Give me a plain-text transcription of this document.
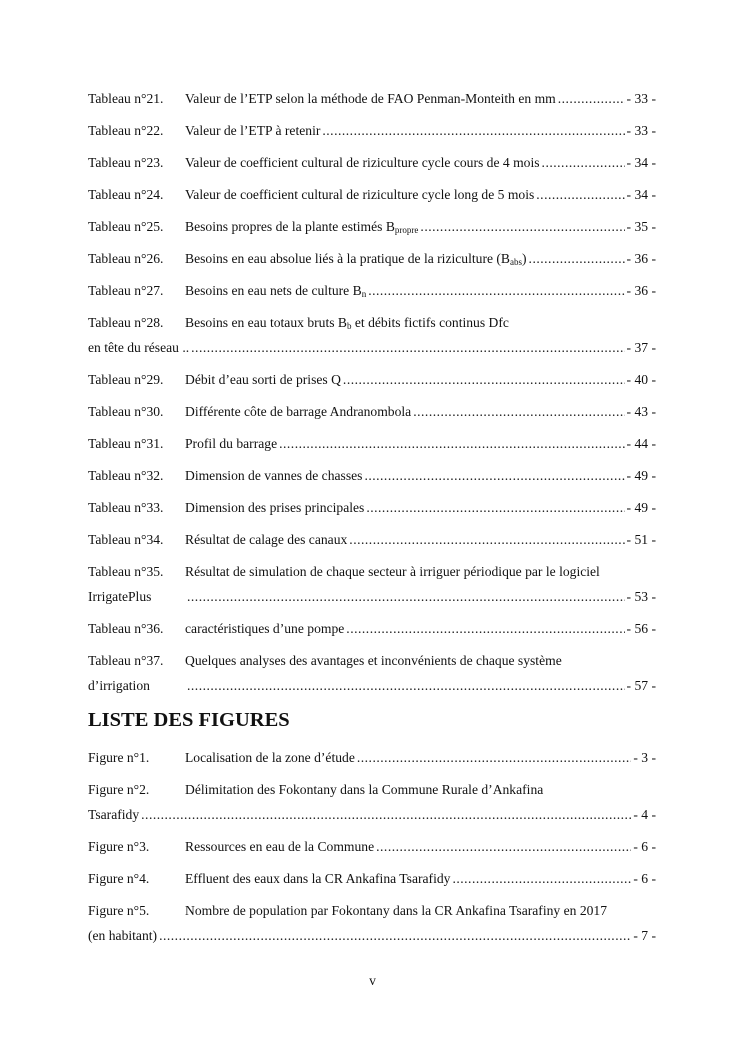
Tableau n°21.	Valeur de l’ETP selon la méthode de FAO Penman-Monteith en mm .....	- 33 -
Tableau n°22.	Valeur de l’ETP à retenir .....	- 33 -
Tableau n°23.	Valeur de coefficient cultural de riziculture cycle cours de 4 mois .....	- 34 -
Tableau n°24.	Valeur de coefficient cultural de riziculture cycle long de 5 mois .....	- 34 -
Tableau n°25.	Besoins propres de la plante estimés $B_{propre}$ .....	- 35 -
Tableau n°26.	Besoins en eau absolue liés à la pratique de la riziculture $(B_{abs})$ .....	- 36 -
Tableau n°27.	Besoins en eau nets de culture $B_n$ .....	- 36 -
Tableau n°28.	Besoins en eau totaux bruts $B_b$ et débits fictifs continus Dfc
en tête du réseau .. .....	- 37 -
Tableau n°29.	Débit d’eau sorti de prises Q .....	- 40 -
Tableau n°30.	Différente côte de barrage Andranombola .....	- 43 -
Tableau n°31.	Profil du barrage .....	- 44 -
Tableau n°32.	Dimension de vannes de chasses .....	- 49 -
Tableau n°33.	Dimension des prises principales .....	- 49 -
Tableau n°34.	Résultat de calage des canaux .....	- 51 -
Tableau n°35.	Résultat de simulation de chaque secteur à irriguer périodique par le logiciel
IrrigatePlus .....	- 53 -
Tableau n°36.	caractéristiques d’une pompe .....	- 56 -
Tableau n°37.	Quelques analyses des avantages et inconvénients de chaque système
d’irrigation .....	- 57 -
LISTE DES FIGURES
Figure n°1.	Localisation de la zone d’étude .....	- 3 -
Figure n°2.	Délimitation des Fokontany dans la Commune Rurale d’Ankafina
Tsarafidy .....	- 4 -
Figure n°3.	Ressources en eau de la Commune .....	- 6 -
Figure n°4.	Effluent des eaux dans la CR Ankafina Tsarafidy .....	- 6 -
Figure n°5.	Nombre de population par Fokontany dans la CR Ankafina Tsarafiny en 2017
(en habitant) .....	- 7 -
v
